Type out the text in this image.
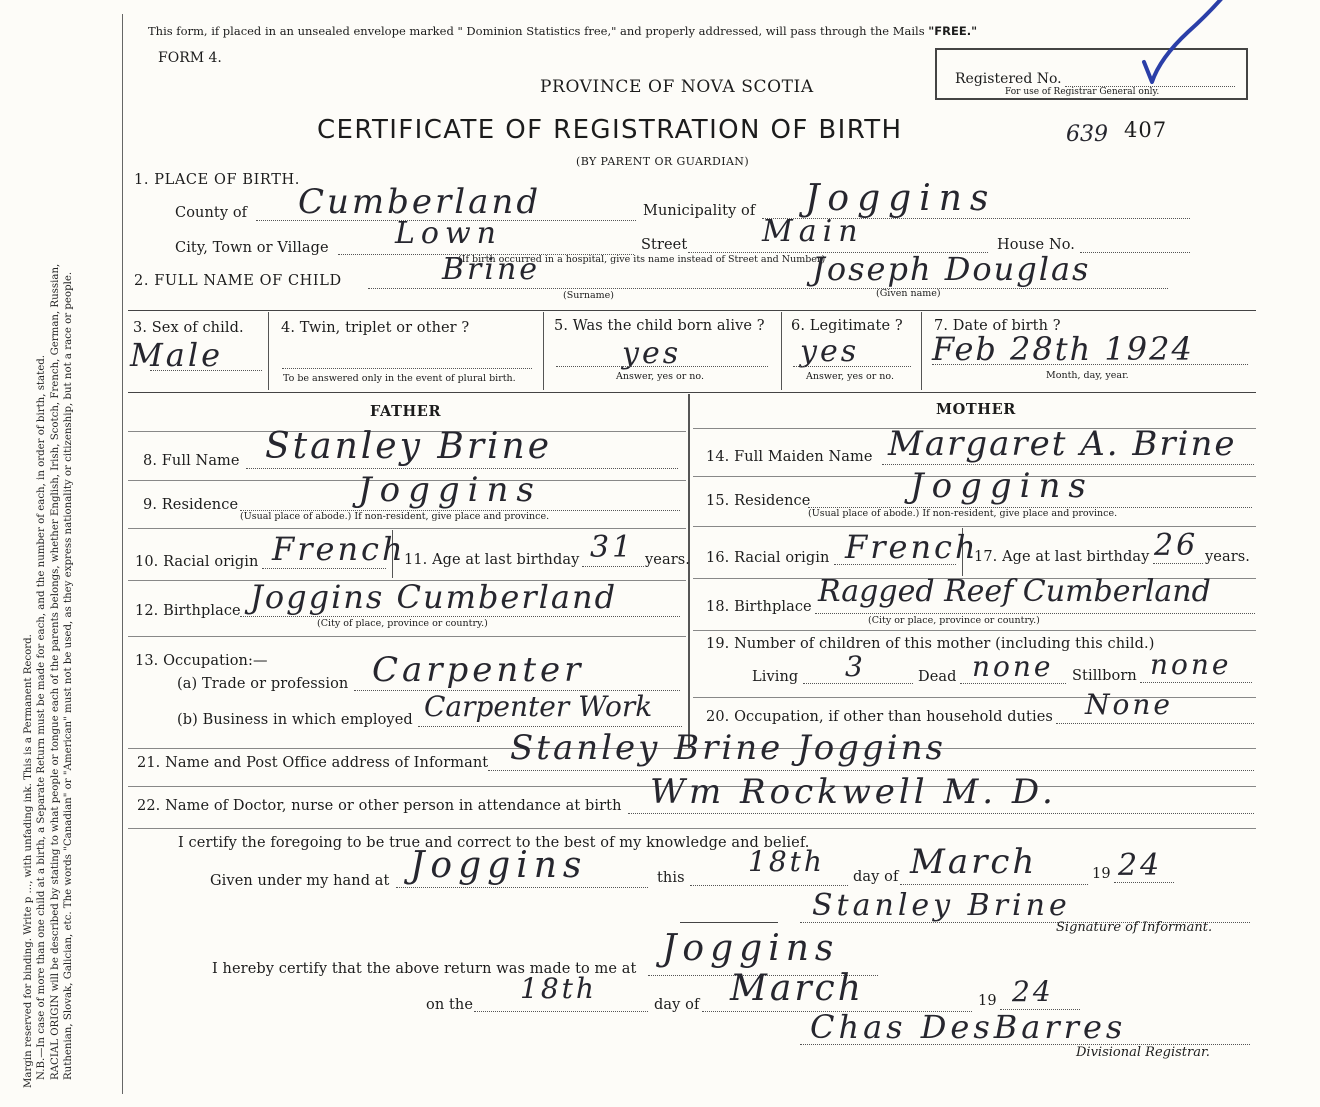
Margin reserved for binding. Write p ..., with unfading ink. This is a Permanent Record. N.B.—In case of more than one child at a birth, a Separate Return must be made for each, and the number of each, in order of birth, stated. RACIAL ORIGIN will be described by stating to what people or tongue each of the parents belongs, whether English, Irish, Scotch, French, German, Russian, Ruthenian, Slovak, Galician, etc. The words "Canadian" or "American" must not be used, as they express nationality or citizenship, but not a race or people.
This form, if placed in an unsealed envelope marked " Dominion Statistics free," and properly addressed, will pass through the Mails "FREE."
FORM 4.
PROVINCE OF NOVA SCOTIA
CERTIFICATE OF REGISTRATION OF BIRTH
(BY PARENT OR GUARDIAN)
Registered No.
For use of Registrar General only.
639 407
1. PLACE OF BIRTH.
County of Cumberland	Municipality of Joggins
City, Town or Village Lown	Street Main	House No.
(If birth occurred in a hospital, give its name instead of Street and Number)
2. FULL NAME OF CHILD	Brine
(Surname)
Joseph Douglas
(Given name)
3. Sex of child.
Male
4. Twin, triplet or other ?
To be answered only in the event of plural birth.
5. Was the child born alive ?
yes
Answer, yes or no.
6. Legitimate ?
yes
Answer, yes or no.
7. Date of birth ?
Feb 28th 1924
Month, day, year.
FATHER	MOTHER
8. Full Name Stanley Brine
9. Residence	Joggins
(Usual place of abode.) If non-resident, give place and province.
10. Racial origin French
11. Age at last birthday 31 years.
12. Birthplace Joggins Cumberland
(City of place, province or country.)
13. Occupation:—
(a) Trade or profession Carpenter
(b) Business in which employed Carpenter Work
14. Full Maiden Name Margaret A. Brine
15. Residence	Joggins
(Usual place of abode.) If non-resident, give place and province.
16. Racial origin French
17. Age at last birthday 26 years.
18. Birthplace Ragged Reef Cumberland
(City or place, province or country.)
19. Number of children of this mother (including this child.)
Living 3	Dead none Stillborn none
20. Occupation, if other than household duties None
21. Name and Post Office address of Informant Stanley Brine Joggins
22. Name of Doctor, nurse or other person in attendance at birth Wm Rockwell M. D.
I certify the foregoing to be true and correct to the best of my knowledge and belief.
Given under my hand at Joggins	this 18th day of March	19 24
Stanley Brine
Signature of Informant.
I hereby certify that the above return was made to me at Joggins
on the 18th	day of March	19 24
Chas DesBarres
Divisional Registrar.
